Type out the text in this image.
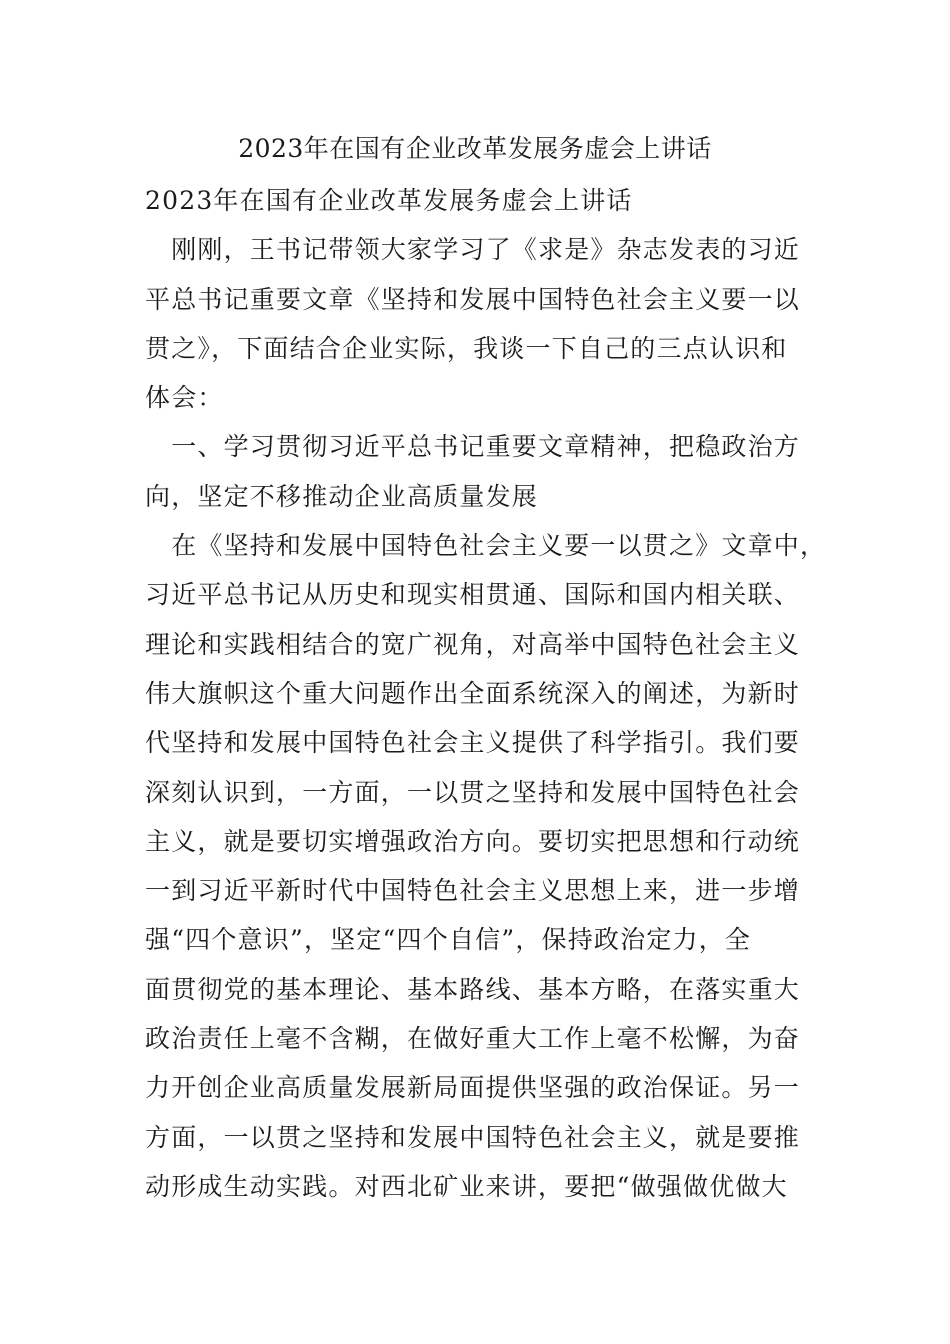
2023年在国有企业改革发展务虚会上讲话
2023年在国有企业改革发展务虚会上讲话
　刚刚，王书记带领大家学习了《求是》杂志发表的习近
平总书记重要文章《坚持和发展中国特色社会主义要一以
贯之》，下面结合企业实际，我谈一下自己的三点认识和
体会：
　一、学习贯彻习近平总书记重要文章精神，把稳政治方
向，坚定不移推动企业高质量发展
　在《坚持和发展中国特色社会主义要一以贯之》文章中，
习近平总书记从历史和现实相贯通、国际和国内相关联、
理论和实践相结合的宽广视角，对高举中国特色社会主义
伟大旗帜这个重大问题作出全面系统深入的阐述，为新时
代坚持和发展中国特色社会主义提供了科学指引。我们要
深刻认识到，一方面，一以贯之坚持和发展中国特色社会
主义，就是要切实增强政治方向。要切实把思想和行动统
一到习近平新时代中国特色社会主义思想上来，进一步增
强“四个意识”，坚定“四个自信”，保持政治定力，全
面贯彻党的基本理论、基本路线、基本方略，在落实重大
政治责任上毫不含糊，在做好重大工作上毫不松懈，为奋
力开创企业高质量发展新局面提供坚强的政治保证。另一
方面，一以贯之坚持和发展中国特色社会主义，就是要推
动形成生动实践。对西北矿业来讲，要把“做强做优做大
